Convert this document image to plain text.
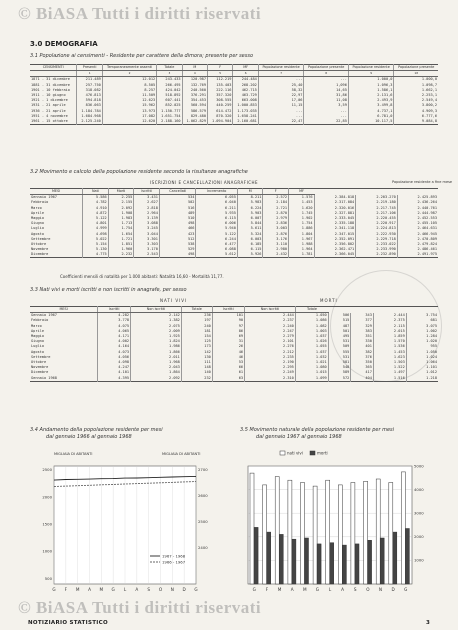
© BiASA Tutti i diritti riservati
3.0 DEMOGRAFIA
3.1 Popolazione ai censimenti - Residente per carattere della dimora; presente per sesso
CENSIMENTI	Presenti	Temporaneamente assenti	Totale	M	F	MF	Popolazione residente	Popolazione presente	Popolazione residente	Popolazione presente
	1	2	3	4	5	6	7	8	9	10
1871 - 31 dicembre	211.489	12.012	243.433	120.987	112.219	244.484	...	...	1.000,0	1.000,0
1881 - 31 dicembre	257.750	8.505	266.495	132.769	135.403	268.202	25,40	1,096	1.096,3	1.098,7
1901 - 10 febbraio	318.082	8.257	424.042	240.560	222.116	462.715	58,32	14,65	1.586,1	1.662,1
1911 - 10 giugno	476.813	11.509	518.892	376.291	357.320	463.729	22,97	31,86	2.131,6	2.253,1
1921 - 1 dicembre	594.818	12.623	607.441	354.453	308.555	663.008	17,06	11,08	2.493,9	2.549,4
1931 - 21 aprile	836.063	15.962	852.025	560.594	440.259	1.000.853	11,15	3,59	3.499,8	3.800,2
1936 - 21 aprile	1.184.784	13.973	1.150.777	586.579	614.472	1.173.035	...	...	4.737,1	4.909,3
1951 - 4 novembre	1.684.968	17.082	1.651.754	829.480	870.320	1.658.241	...	...	6.781,0	6.777,6
1961 - 15 ottobre	2.125.240	12.620	2.188.160	1.062.829	1.094.904	2.160.681	22,47	22,85	10.117,5	9.084,8
3.2 Movimento e calcolo della popolazione residente secondo la risultanze anagrafiche
ISCRIZIONI E CANCELLAZIONI ANAGRAFICHE	Popolazione residente a fine mese
MESI	Nati	Morti	Iscritti	Cancellati	Incremento	M	F	MF			
Gennaio 1967	5.586	2.255	3.431	534	6.055	8.211	2.572	1.576	2.384.818	2.203.270	2.425.893
Febbraio	4.782	2.155	2.627	502	6.040	5.983	2.184	1.453	2.317.084	2.219.180	2.436.264
Marzo	4.910	2.092	2.818	516	6.211	6.224	2.721	1.620	2.320.016	2.217.745	2.440.761
Aprile	4.872	1.908	2.964	489	5.935	5.903	2.870	1.745	2.327.881	2.217.106	2.444.987
Maggio	5.122	1.983	3.139	510	6.115	6.007	2.979	1.902	2.333.045	2.220.455	2.452.553
Giugno	4.801	1.713	3.088	498	6.006	5.844	2.836	1.754	2.335.188	2.220.917	2.455.105
Luglio	4.999	1.754	3.245	466	5.940	5.611	3.003	1.886	2.341.118	2.224.813	2.464.631
Agosto	4.698	1.654	3.044	423	5.122	5.324	2.876	1.804	2.347.015	2.222.930	2.466.945
Settembre	5.022	1.721	3.301	512	6.244	6.003	3.176	1.967	2.352.091	2.229.718	2.470.809
Ottobre	5.154	1.851	3.303	538	6.477	6.185	3.110	1.988	2.356.802	2.233.022	2.479.824
Novembre	5.130	1.960	3.170	529	6.088	6.115	2.980	1.964	2.362.471	2.233.990	2.486.461
Dicembre	4.775	2.232	2.543	498	5.612	5.926	2.432	1.781	2.366.045	2.232.890	2.491.975
Coefficienti mensili di natalità per 1.000 abitanti: Natalità 16,60 - Mortalità 11,77.
3.3 Nati vivi e morti iscritti e non iscritti in anagrafe, per sesso
NATI VIVI	MORTI
MESI	Iscritti	Non iscritti	Totale	Iscritti	Non iscritti	Totale				
Gennaio 1967	4.282	2.142	236	101	2.444	1.050	506	343	2.444	3.754
Febbraio	3.778	1.382	197	90	2.237	1.086	515	377	2.375	681
Marzo	4.075	2.075	240	97	2.240	1.082	487	329	2.115	3.075
Aprile	4.065	2.009	181	86	2.247	1.003	501	383	2.015	1.002
Maggio	4.171	1.925	154	69	2.279	1.037	495	351	1.859	1.284
Giugno	4.002	1.824	125	31	2.101	1.026	531	330	1.570	1.020
Luglio	4.164	1.986	173	26	2.276	1.055	509	401	1.536	955
Agosto	4.073	1.866	142	46	2.212	1.037	555	382	1.453	1.050
Settembre	4.056	2.011	130	46	2.235	1.032	531	376	1.623	1.024
Ottobre	4.098	1.968	111	53	2.190	1.021	581	350	1.503	1.064
Novembre	4.247	2.043	148	66	2.295	1.080	548	365	1.522	1.101
Dicembre	4.101	1.864	140	61	2.249	1.015	589	417	1.497	1.012
Gennaio 1968	4.395	2.092	232	63	2.310	1.099	572	404	1.516	1.218
3.4 Andamento della popolazione residente per mesi
dal gennaio 1966 al gennaio 1968
MIGLIAIA DI ABITANTI	MIGLIAIA DI ABITANTI
2500
2000
1500
1000
500
2700
2600
2500
2400
G F M A M G L A S O N D G
1967 - 1968
1966 - 1967
3.5 Movimento naturale della popolazione residente per mesi
dal gennaio 1967 al gennaio 1968
nati vivi	morti
5000
4000
3000
2000
1000
G F M A M G L A S O N D G
© BiASA Tutti i diritti riservati
NOTIZIARIO STATISTICO	3
